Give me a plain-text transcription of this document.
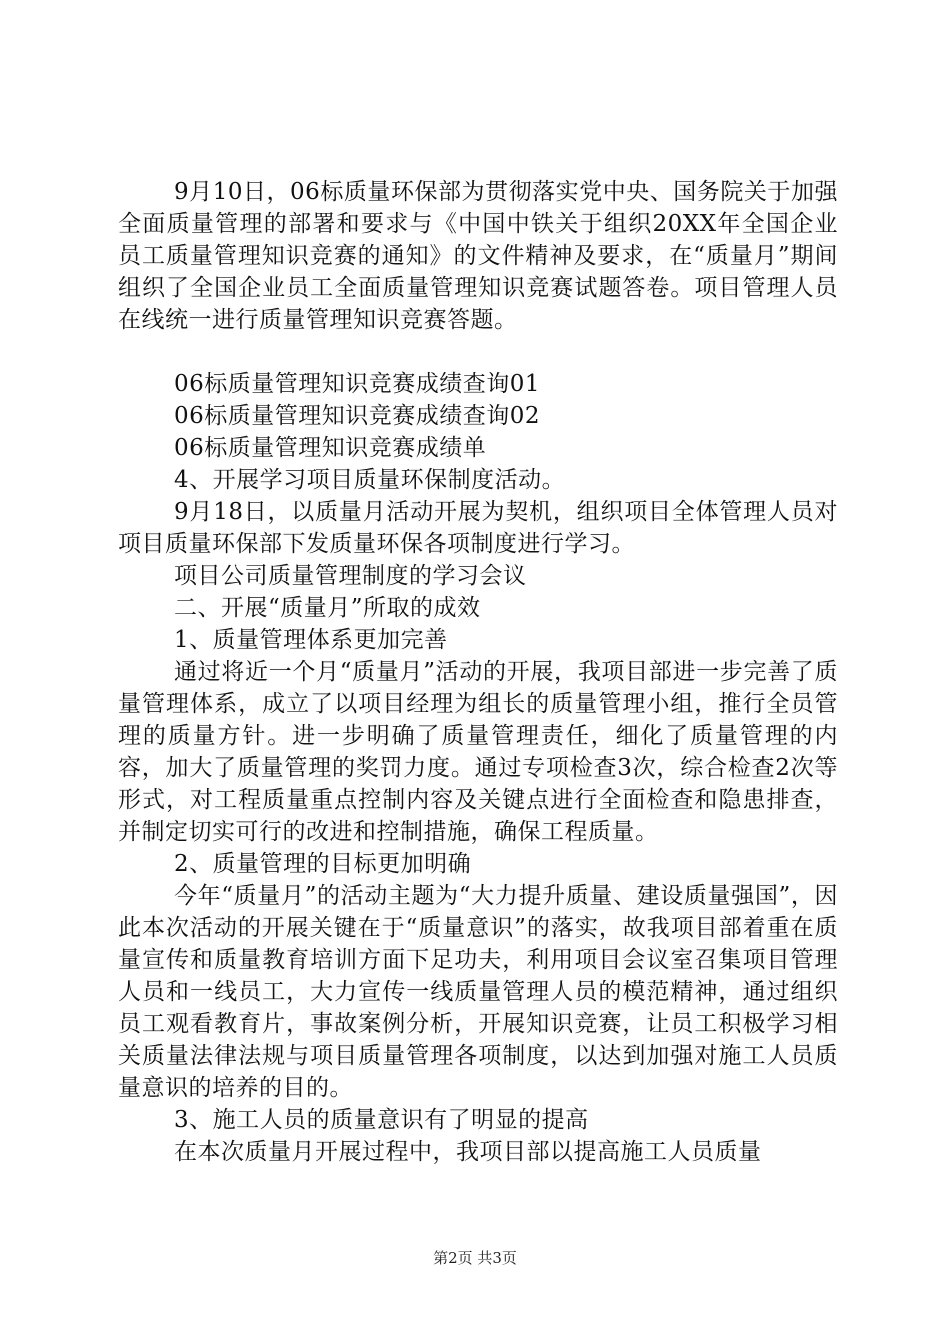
9月10日，06标质量环保部为贯彻落实党中央、国务院关于加强全面质量管理的部署和要求与《中国中铁关于组织20XX年全国企业员工质量管理知识竞赛的通知》的文件精神及要求，在“质量月”期间组织了全国企业员工全面质量管理知识竞赛试题答卷。项目管理人员在线统一进行质量管理知识竞赛答题。

06标质量管理知识竞赛成绩查询01

06标质量管理知识竞赛成绩查询02

06标质量管理知识竞赛成绩单

4、开展学习项目质量环保制度活动。

9月18日，以质量月活动开展为契机，组织项目全体管理人员对项目质量环保部下发质量环保各项制度进行学习。

项目公司质量管理制度的学习会议

二、开展“质量月”所取的成效

1、质量管理体系更加完善

通过将近一个月“质量月”活动的开展，我项目部进一步完善了质量管理体系，成立了以项目经理为组长的质量管理小组，推行全员管理的质量方针。进一步明确了质量管理责任，细化了质量管理的内容，加大了质量管理的奖罚力度。通过专项检查3次，综合检查2次等形式，对工程质量重点控制内容及关键点进行全面检查和隐患排查，并制定切实可行的改进和控制措施，确保工程质量。

2、质量管理的目标更加明确

今年“质量月”的活动主题为“大力提升质量、建设质量强国”，因此本次活动的开展关键在于“质量意识”的落实，故我项目部着重在质量宣传和质量教育培训方面下足功夫，利用项目会议室召集项目管理人员和一线员工，大力宣传一线质量管理人员的模范精神，通过组织员工观看教育片，事故案例分析，开展知识竞赛，让员工积极学习相关质量法律法规与项目质量管理各项制度，以达到加强对施工人员质量意识的培养的目的。

3、施工人员的质量意识有了明显的提高

在本次质量月开展过程中，我项目部以提高施工人员质量

第2页 共3页
